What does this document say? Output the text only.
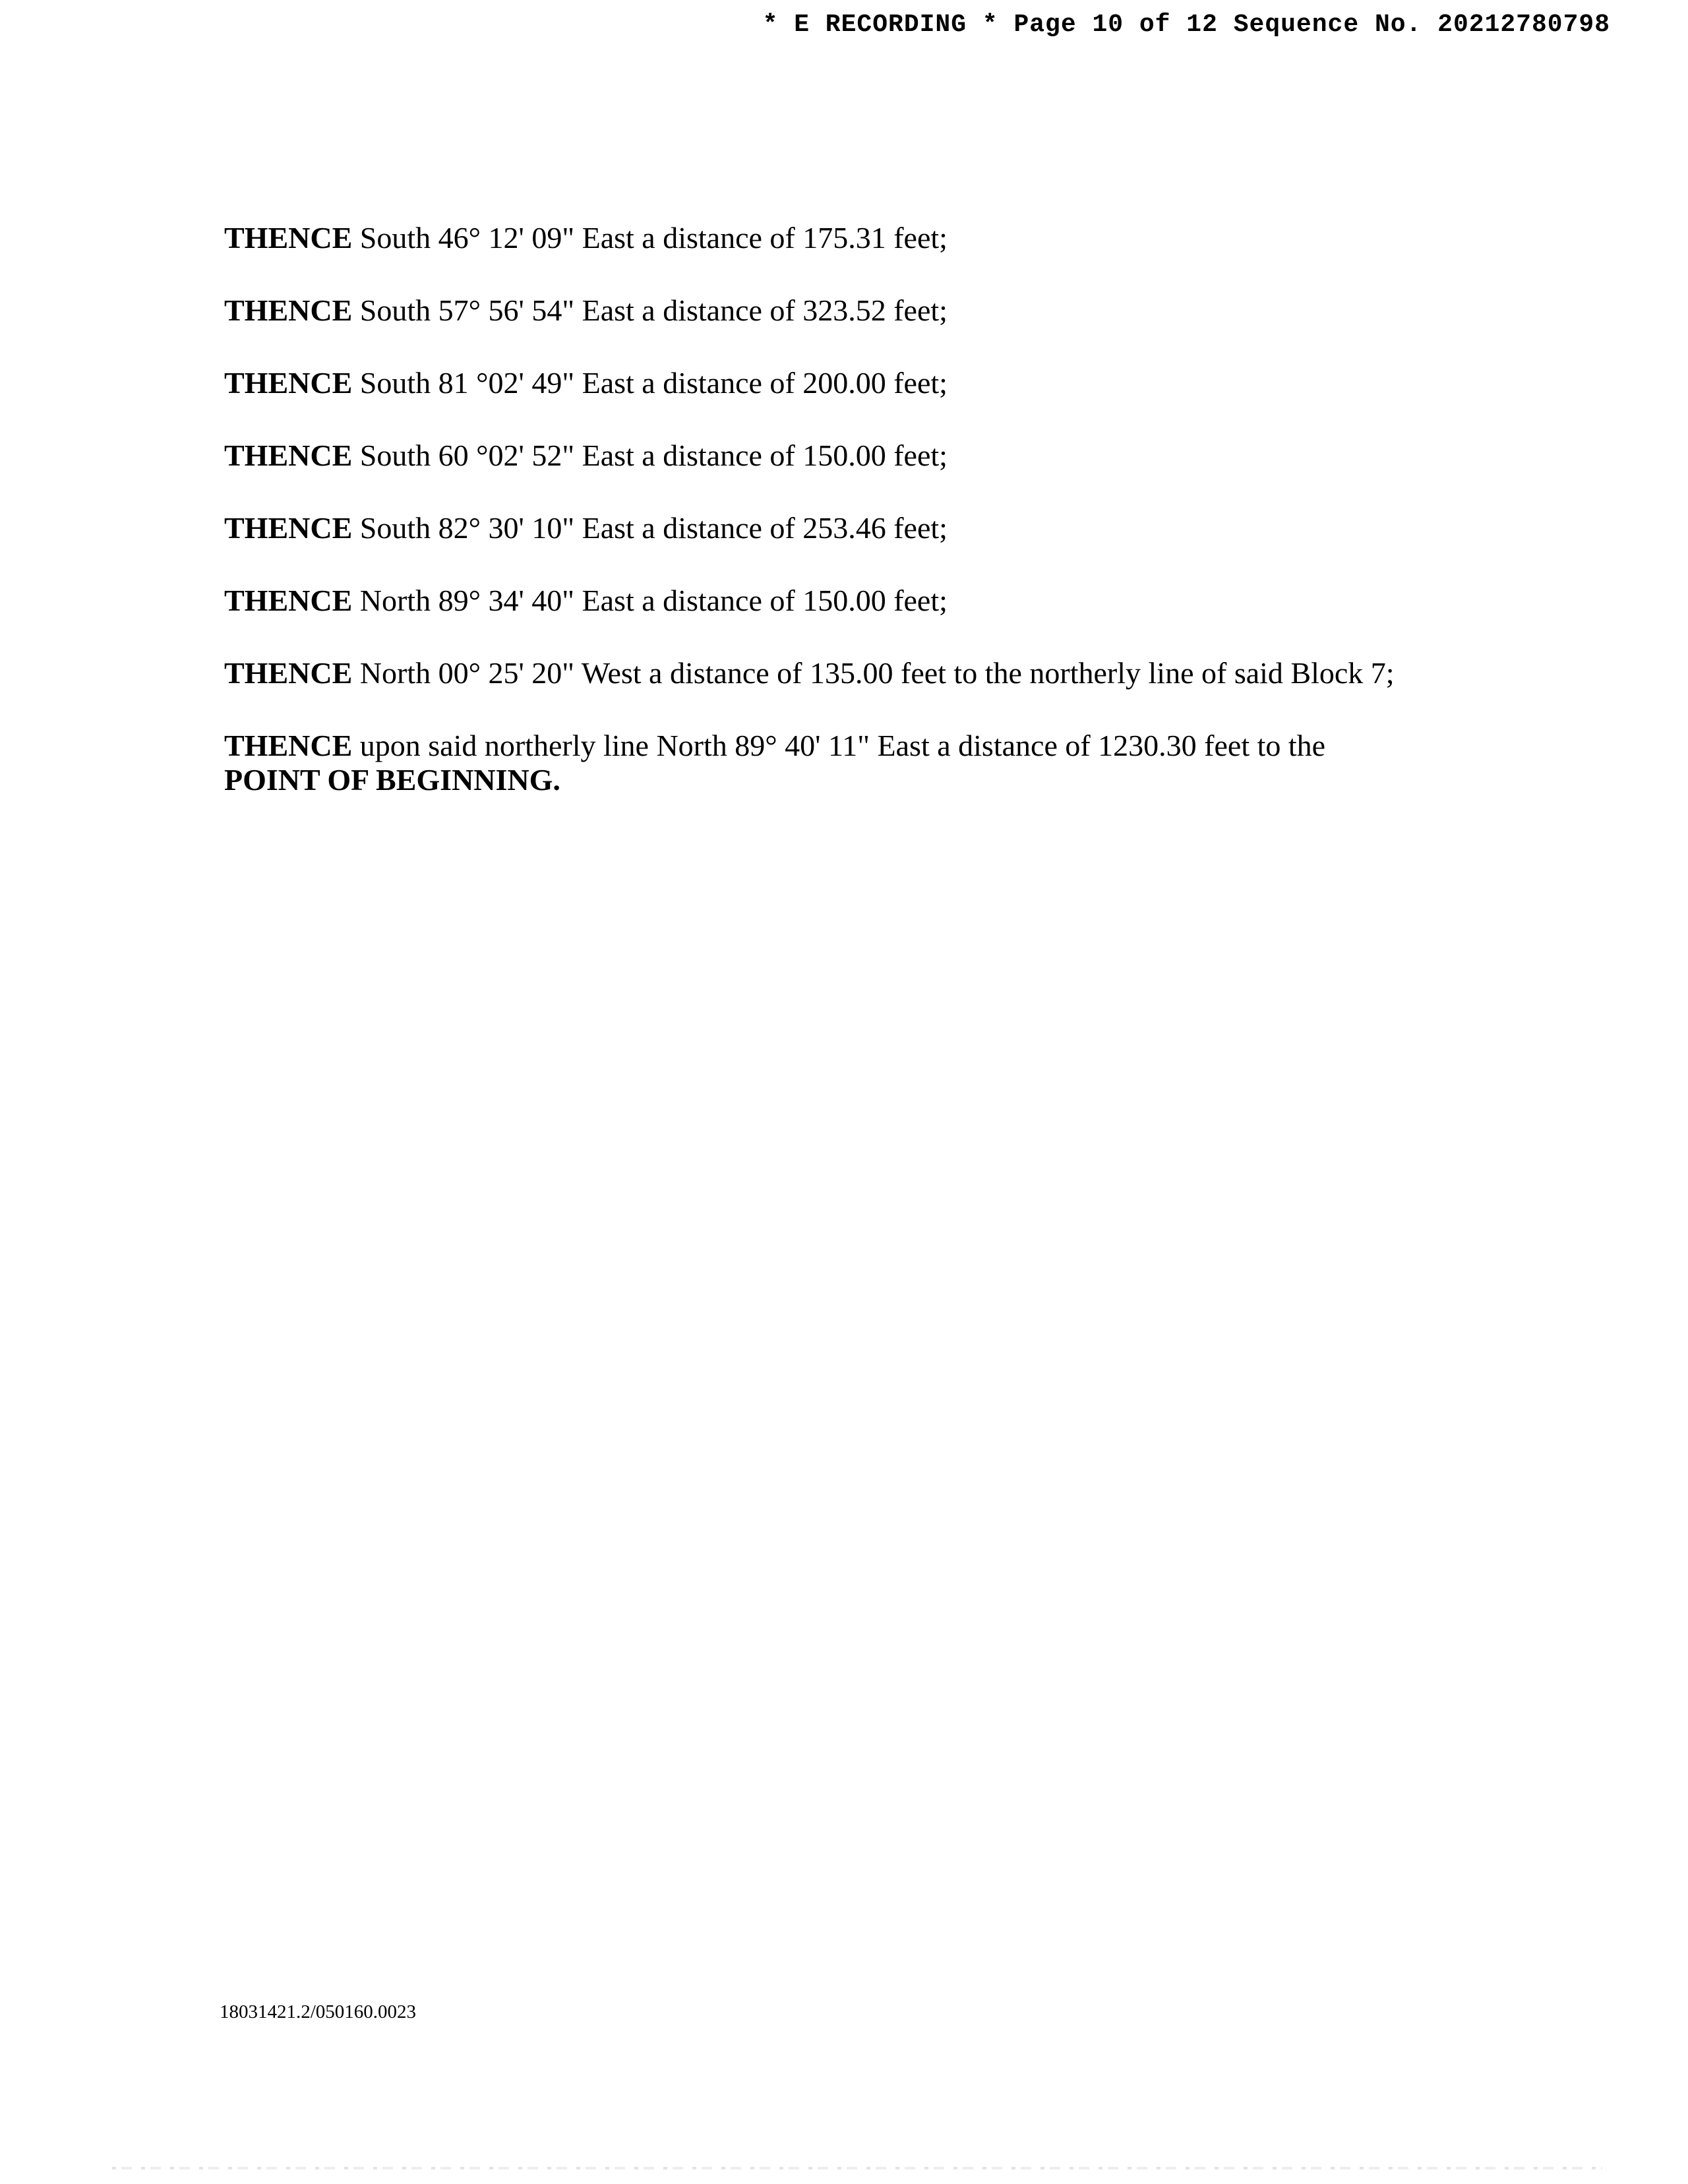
* E RECORDING * Page 10 of 12 Sequence No. 20212780798

THENCE South 46° 12' 09" East a distance of 175.31 feet;

THENCE South 57° 56' 54" East a distance of 323.52 feet;

THENCE South 81 °02' 49" East a distance of 200.00 feet;

THENCE South 60 °02' 52" East a distance of 150.00 feet;

THENCE South 82° 30' 10" East a distance of 253.46 feet;

THENCE North 89° 34' 40" East a distance of 150.00 feet;

THENCE North 00° 25' 20" West a distance of 135.00 feet to the northerly line of said Block 7;

THENCE upon said northerly line North 89° 40' 11" East a distance of 1230.30 feet to the
POINT OF BEGINNING.

18031421.2/050160.0023
